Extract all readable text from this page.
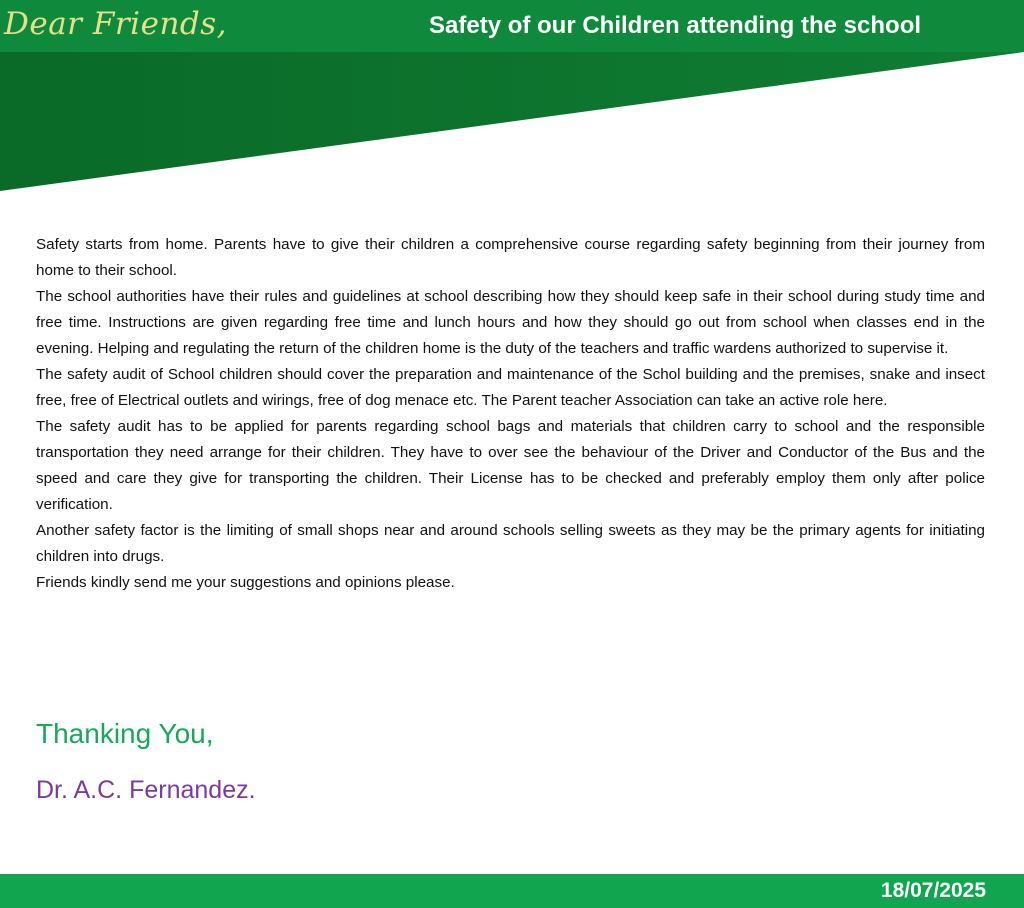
Dear Friends,	Safety of our Children attending the school

Safety starts from home. Parents have to give their children a comprehensive course regarding safety beginning from their journey from home to their school.

The school authorities have their rules and guidelines at school describing how they should keep safe in their school during study time and free time. Instructions are given regarding free time and lunch hours and how they should go out from school when classes end in the evening. Helping and regulating the return of the children home is the duty of the teachers and traffic wardens authorized to supervise it.

The safety audit of School children should cover the preparation and maintenance of the Schol building and the premises, snake and insect free, free of Electrical outlets and wirings, free of dog menace etc. The Parent teacher Association can take an active role here.

The safety audit has to be applied for parents regarding school bags and materials that children carry to school and the responsible transportation they need arrange for their children. They have to over see the behaviour of the Driver and Conductor of the Bus and the speed and care they give for transporting the children. Their License has to be checked and preferably employ them only after police verification.

Another safety factor is the limiting of small shops near and around schools selling sweets as they may be the primary agents for initiating children into drugs.

Friends kindly send me your suggestions and opinions please.

Thanking You,
Dr. A.C. Fernandez.
18/07/2025
